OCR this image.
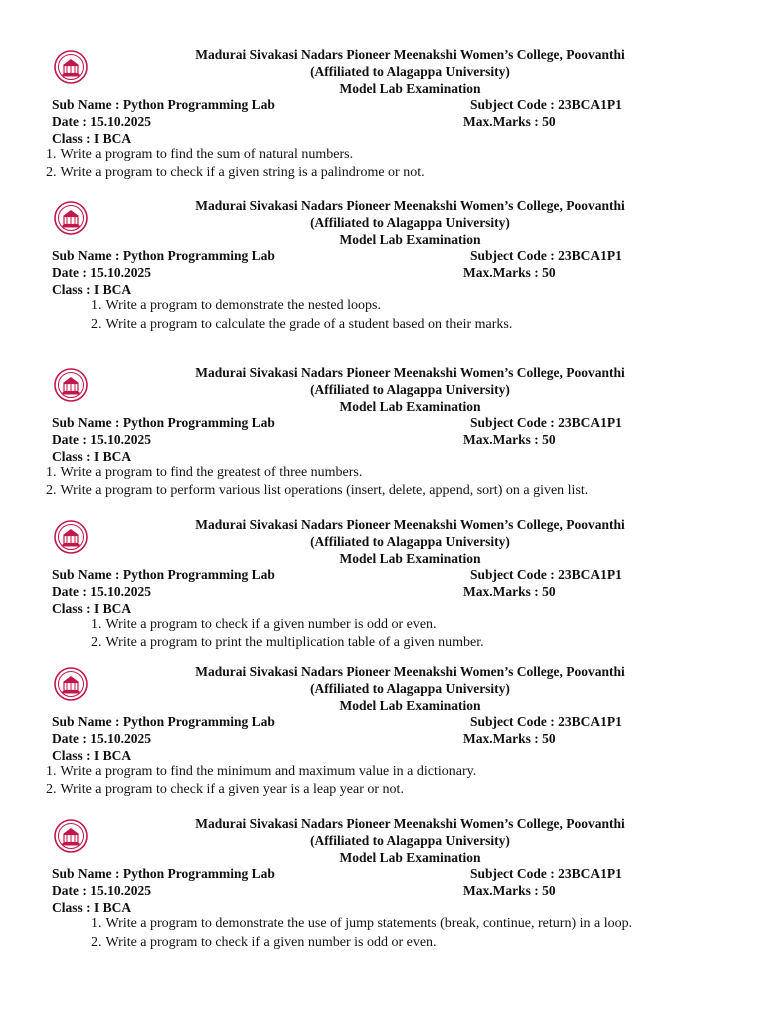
Madurai Sivakasi Nadars Pioneer Meenakshi Women’s College, Poovanthi
(Affiliated to Alagappa University)
Model Lab Examination
Sub Name : Python Programming Lab	Subject Code : 23BCA1P1
Date : 15.10.2025	Max.Marks : 50
Class : I BCA
1. Write a program to find the sum of natural numbers.
2. Write a program to check if a given string is a palindrome or not.
Madurai Sivakasi Nadars Pioneer Meenakshi Women’s College, Poovanthi
(Affiliated to Alagappa University)
Model Lab Examination
Sub Name : Python Programming Lab	Subject Code : 23BCA1P1
Date : 15.10.2025	Max.Marks : 50
Class : I BCA
1. Write a program to demonstrate the nested loops.
2. Write a program to calculate the grade of a student based on their marks.
Madurai Sivakasi Nadars Pioneer Meenakshi Women’s College, Poovanthi
(Affiliated to Alagappa University)
Model Lab Examination
Sub Name : Python Programming Lab	Subject Code : 23BCA1P1
Date : 15.10.2025	Max.Marks : 50
Class : I BCA
1. Write a program to find the greatest of three numbers.
2. Write a program to perform various list operations (insert, delete, append, sort) on a given list.
Madurai Sivakasi Nadars Pioneer Meenakshi Women’s College, Poovanthi
(Affiliated to Alagappa University)
Model Lab Examination
Sub Name : Python Programming Lab	Subject Code : 23BCA1P1
Date : 15.10.2025	Max.Marks : 50
Class : I BCA
1. Write a program to check if a given number is odd or even.
2. Write a program to print the multiplication table of a given number.
Madurai Sivakasi Nadars Pioneer Meenakshi Women’s College, Poovanthi
(Affiliated to Alagappa University)
Model Lab Examination
Sub Name : Python Programming Lab	Subject Code : 23BCA1P1
Date : 15.10.2025	Max.Marks : 50
Class : I BCA
1. Write a program to find the minimum and maximum value in a dictionary.
2. Write a program to check if a given year is a leap year or not.
Madurai Sivakasi Nadars Pioneer Meenakshi Women’s College, Poovanthi
(Affiliated to Alagappa University)
Model Lab Examination
Sub Name : Python Programming Lab	Subject Code : 23BCA1P1
Date : 15.10.2025	Max.Marks : 50
Class : I BCA
1. Write a program to demonstrate the use of jump statements (break, continue, return) in a loop.
2. Write a program to check if a given number is odd or even.
